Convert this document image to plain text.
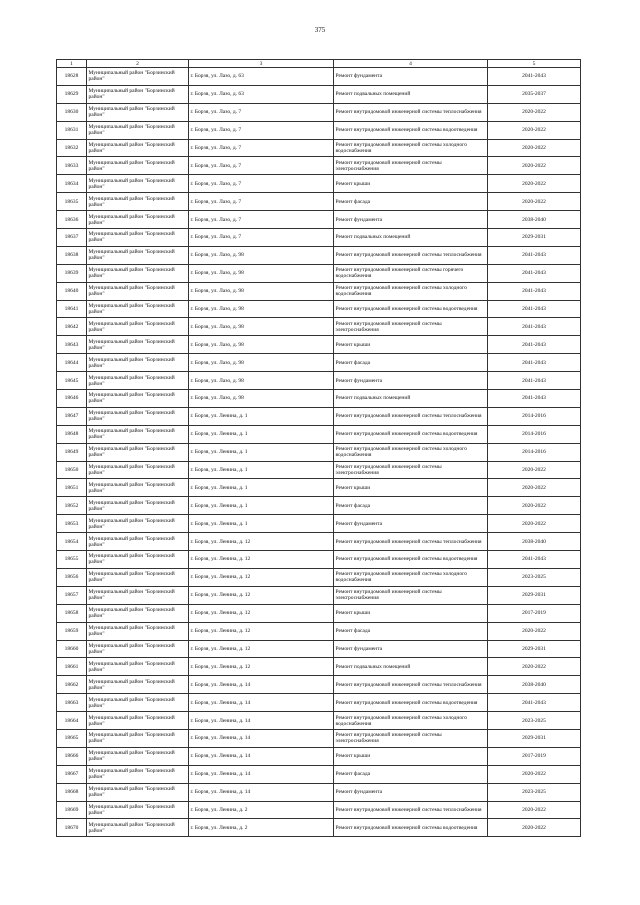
375
1	2	3	4	5
18628	Муниципальный район "Борзинский район"	г. Борзя, ул. Лазо, д. 63	Ремонт фундамента	2041-2043
18629	Муниципальный район "Борзинский район"	г. Борзя, ул. Лазо, д. 63	Ремонт подвальных помещений	2035-2037
18630	Муниципальный район "Борзинский район"	г. Борзя, ул. Лазо, д. 7	Ремонт внутридомовой инженерной системы теплоснабжения	2020-2022
18631	Муниципальный район "Борзинский район"	г. Борзя, ул. Лазо, д. 7	Ремонт внутридомовой инженерной системы водоотведения	2020-2022
18632	Муниципальный район "Борзинский район"	г. Борзя, ул. Лазо, д. 7	Ремонт внутридомовой инженерной системы холодного водоснабжения	2020-2022
18633	Муниципальный район "Борзинский район"	г. Борзя, ул. Лазо, д. 7	Ремонт внутридомовой инженерной системы электроснабжения	2020-2022
18634	Муниципальный район "Борзинский район"	г. Борзя, ул. Лазо, д. 7	Ремонт крыши	2020-2022
18635	Муниципальный район "Борзинский район"	г. Борзя, ул. Лазо, д. 7	Ремонт фасада	2020-2022
18636	Муниципальный район "Борзинский район"	г. Борзя, ул. Лазо, д. 7	Ремонт фундамента	2038-2040
18637	Муниципальный район "Борзинский район"	г. Борзя, ул. Лазо, д. 7	Ремонт подвальных помещений	2029-2031
18638	Муниципальный район "Борзинский район"	г. Борзя, ул. Лазо, д. 98	Ремонт внутридомовой инженерной системы теплоснабжения	2041-2043
18639	Муниципальный район "Борзинский район"	г. Борзя, ул. Лазо, д. 98	Ремонт внутридомовой инженерной системы горячего водоснабжения	2041-2043
18640	Муниципальный район "Борзинский район"	г. Борзя, ул. Лазо, д. 98	Ремонт внутридомовой инженерной системы холодного водоснабжения	2041-2043
18641	Муниципальный район "Борзинский район"	г. Борзя, ул. Лазо, д. 98	Ремонт внутридомовой инженерной системы водоотведения	2041-2043
18642	Муниципальный район "Борзинский район"	г. Борзя, ул. Лазо, д. 98	Ремонт внутридомовой инженерной системы электроснабжения	2041-2043
18643	Муниципальный район "Борзинский район"	г. Борзя, ул. Лазо, д. 98	Ремонт крыши	2041-2043
18644	Муниципальный район "Борзинский район"	г. Борзя, ул. Лазо, д. 98	Ремонт фасада	2041-2043
18645	Муниципальный район "Борзинский район"	г. Борзя, ул. Лазо, д. 98	Ремонт фундамента	2041-2043
18646	Муниципальный район "Борзинский район"	г. Борзя, ул. Лазо, д. 98	Ремонт подвальных помещений	2041-2043
18647	Муниципальный район "Борзинский район"	г. Борзя, ул. Ленина, д. 1	Ремонт внутридомовой инженерной системы теплоснабжения	2014-2016
18648	Муниципальный район "Борзинский район"	г. Борзя, ул. Ленина, д. 1	Ремонт внутридомовой инженерной системы водоотведения	2014-2016
18649	Муниципальный район "Борзинский район"	г. Борзя, ул. Ленина, д. 1	Ремонт внутридомовой инженерной системы холодного водоснабжения	2014-2016
18650	Муниципальный район "Борзинский район"	г. Борзя, ул. Ленина, д. 1	Ремонт внутридомовой инженерной системы электроснабжения	2020-2022
18651	Муниципальный район "Борзинский район"	г. Борзя, ул. Ленина, д. 1	Ремонт крыши	2020-2022
18652	Муниципальный район "Борзинский район"	г. Борзя, ул. Ленина, д. 1	Ремонт фасада	2020-2022
18653	Муниципальный район "Борзинский район"	г. Борзя, ул. Ленина, д. 1	Ремонт фундамента	2020-2022
18654	Муниципальный район "Борзинский район"	г. Борзя, ул. Ленина, д. 12	Ремонт внутридомовой инженерной системы теплоснабжения	2038-2040
18655	Муниципальный район "Борзинский район"	г. Борзя, ул. Ленина, д. 12	Ремонт внутридомовой инженерной системы водоотведения	2041-2043
18656	Муниципальный район "Борзинский район"	г. Борзя, ул. Ленина, д. 12	Ремонт внутридомовой инженерной системы холодного водоснабжения	2023-2025
18657	Муниципальный район "Борзинский район"	г. Борзя, ул. Ленина, д. 12	Ремонт внутридомовой инженерной системы электроснабжения	2029-2031
18658	Муниципальный район "Борзинский район"	г. Борзя, ул. Ленина, д. 12	Ремонт крыши	2017-2019
18659	Муниципальный район "Борзинский район"	г. Борзя, ул. Ленина, д. 12	Ремонт фасада	2020-2022
18660	Муниципальный район "Борзинский район"	г. Борзя, ул. Ленина, д. 12	Ремонт фундамента	2029-2031
18661	Муниципальный район "Борзинский район"	г. Борзя, ул. Ленина, д. 12	Ремонт подвальных помещений	2020-2022
18662	Муниципальный район "Борзинский район"	г. Борзя, ул. Ленина, д. 14	Ремонт внутридомовой инженерной системы теплоснабжения	2038-2040
18663	Муниципальный район "Борзинский район"	г. Борзя, ул. Ленина, д. 14	Ремонт внутридомовой инженерной системы водоотведения	2041-2043
18664	Муниципальный район "Борзинский район"	г. Борзя, ул. Ленина, д. 14	Ремонт внутридомовой инженерной системы холодного водоснабжения	2023-2025
18665	Муниципальный район "Борзинский район"	г. Борзя, ул. Ленина, д. 14	Ремонт внутридомовой инженерной системы электроснабжения	2029-2031
18666	Муниципальный район "Борзинский район"	г. Борзя, ул. Ленина, д. 14	Ремонт крыши	2017-2019
18667	Муниципальный район "Борзинский район"	г. Борзя, ул. Ленина, д. 14	Ремонт фасада	2020-2022
18668	Муниципальный район "Борзинский район"	г. Борзя, ул. Ленина, д. 14	Ремонт фундамента	2023-2025
18669	Муниципальный район "Борзинский район"	г. Борзя, ул. Ленина, д. 2	Ремонт внутридомовой инженерной системы теплоснабжения	2020-2022
18670	Муниципальный район "Борзинский район"	г. Борзя, ул. Ленина, д. 2	Ремонт внутридомовой инженерной системы водоотведения	2020-2022
